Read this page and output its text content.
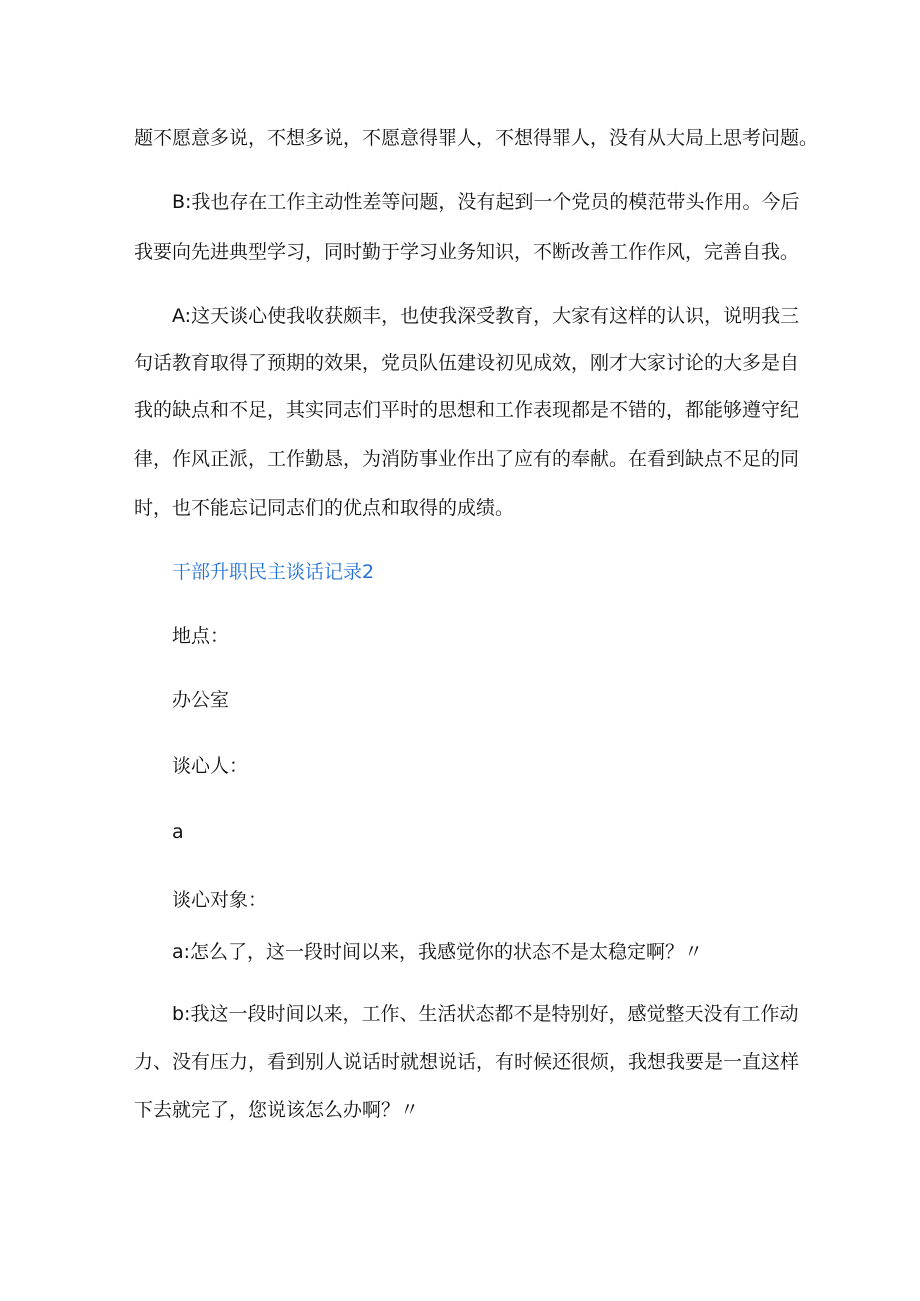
题不愿意多说，不想多说，不愿意得罪人，不想得罪人，没有从大局上思考问题。
B:我也存在工作主动性差等问题，没有起到一个党员的模范带头作用。今后
我要向先进典型学习，同时勤于学习业务知识，不断改善工作作风，完善自我。
A:这天谈心使我收获颇丰，也使我深受教育，大家有这样的认识，说明我三
句话教育取得了预期的效果，党员队伍建设初见成效，刚才大家讨论的大多是自
我的缺点和不足，其实同志们平时的思想和工作表现都是不错的，都能够遵守纪
律，作风正派，工作勤恳，为消防事业作出了应有的奉献。在看到缺点不足的同
时，也不能忘记同志们的优点和取得的成绩。
干部升职民主谈话记录2
地点：
办公室
谈心人：
a
谈心对象：
a:怎么了，这一段时间以来，我感觉你的状态不是太稳定啊？〃
b:我这一段时间以来，工作、生活状态都不是特别好，感觉整天没有工作动
力、没有压力，看到别人说话时就想说话，有时候还很烦，我想我要是一直这样
下去就完了，您说该怎么办啊？〃
